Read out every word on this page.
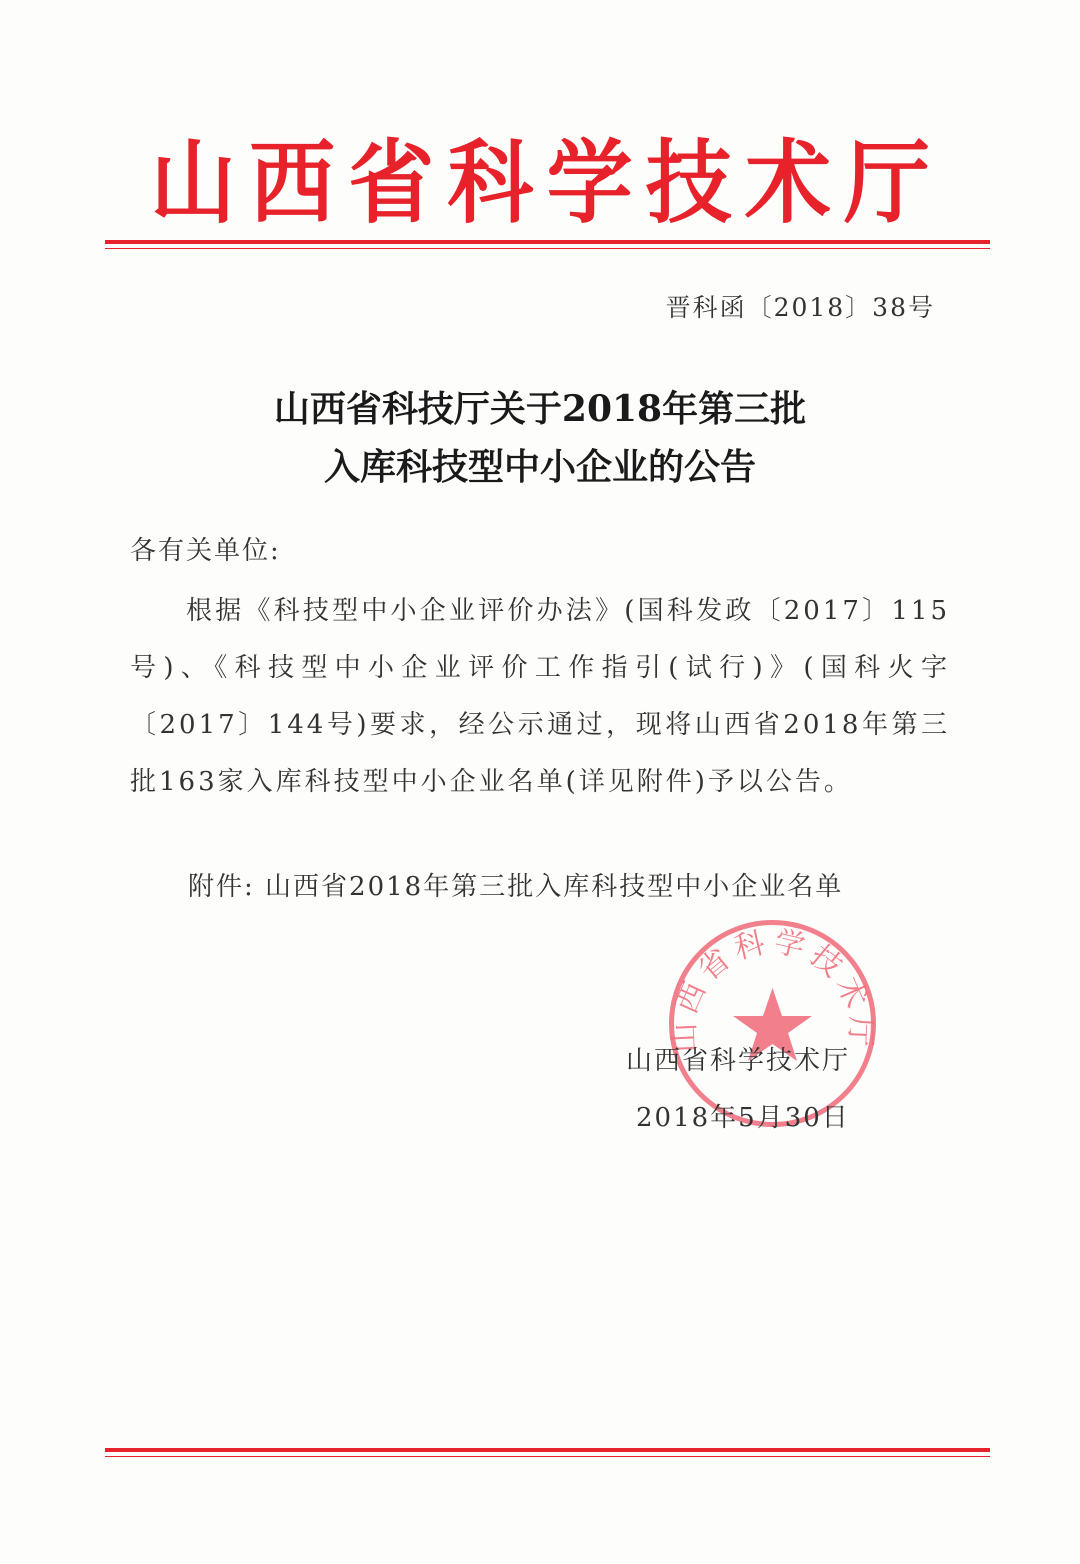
山 西 省 科 学 技 术 厅
晋科函〔2018〕38号
山西省科技厅关于2018年第三批
入库科技型中小企业的公告
各有关单位:
根据《科技型中小企业评价办法》(国科发政〔2017〕115号)、《科技型中小企业评价工作指引(试行)》(国科火字〔2017〕144号)要求，经公示通过，现将山西省2018年第三批163家入库科技型中小企业名单(详见附件)予以公告。
附件: 山西省2018年第三批入库科技型中小企业名单
山西省科学技术厅
山西省科学技术厅
2018年5月30日
